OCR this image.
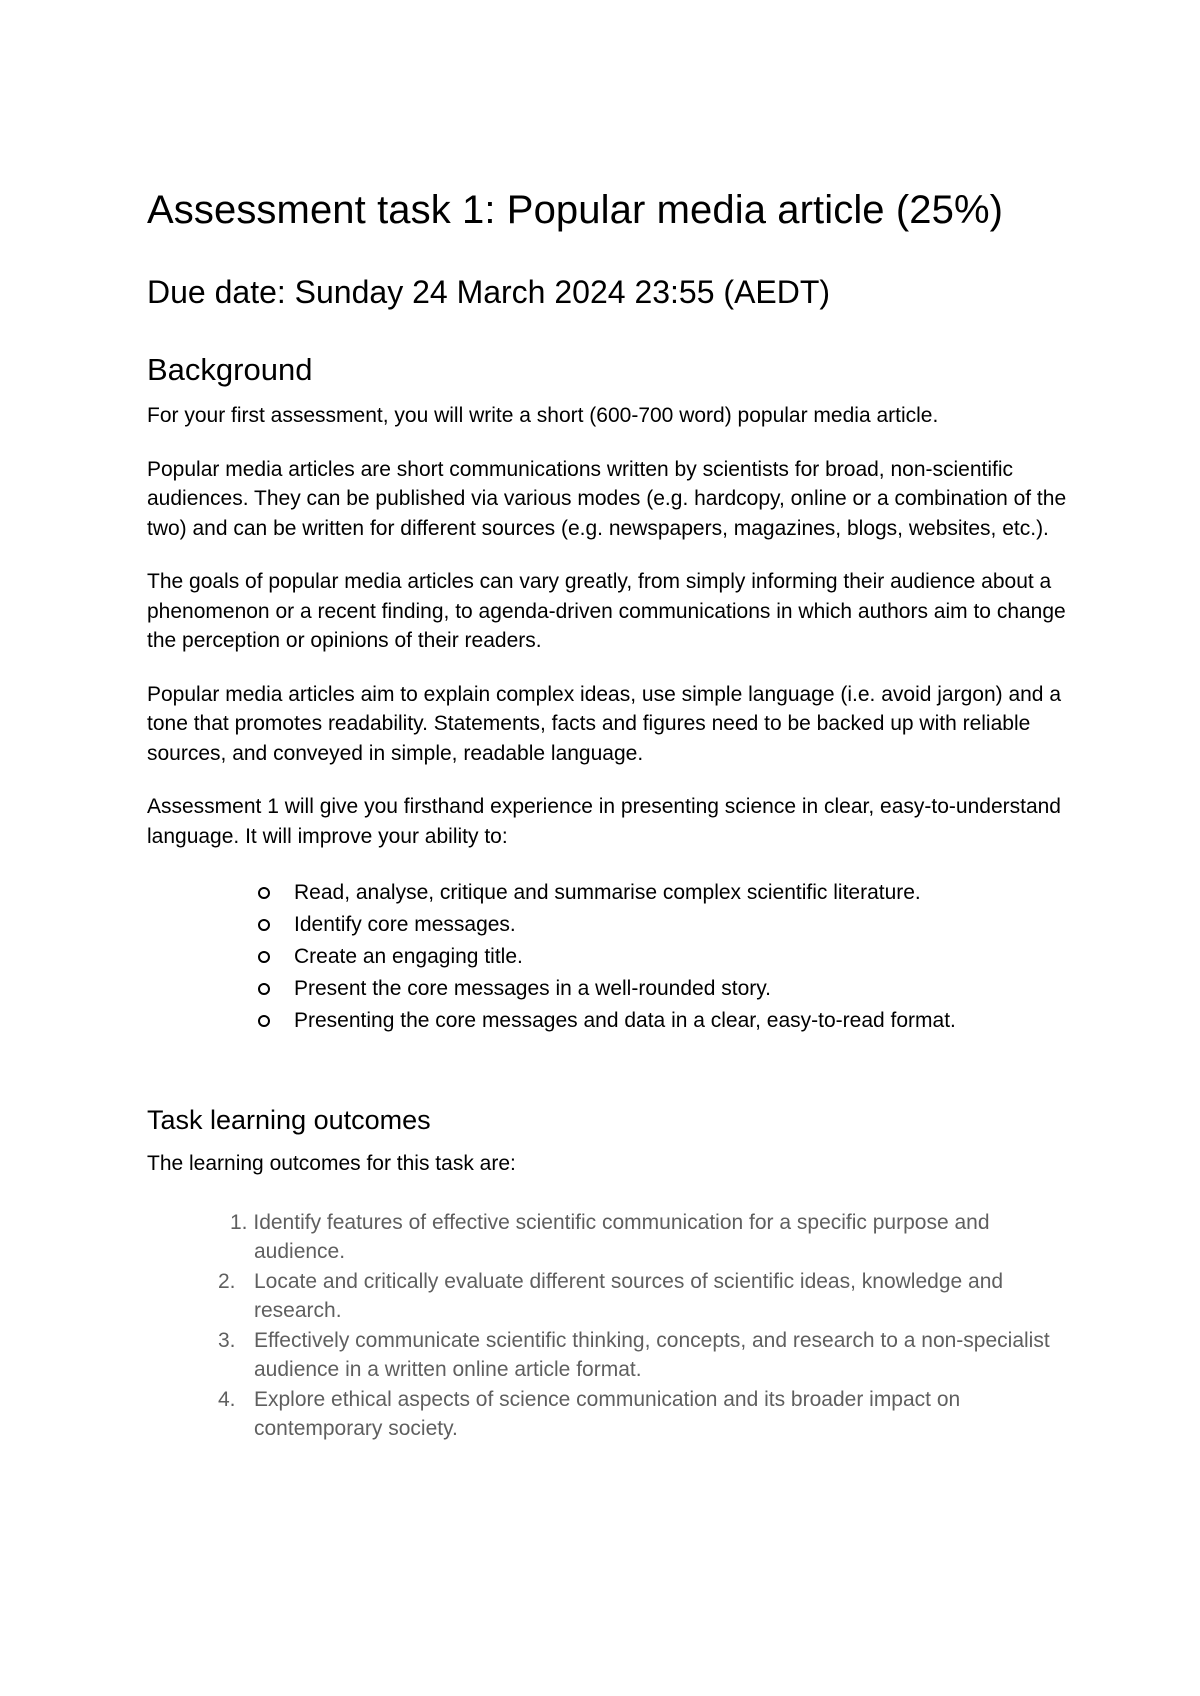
Assessment task 1: Popular media article (25%)
Due date: Sunday 24 March 2024 23:55 (AEDT)
Background

For your first assessment, you will write a short (600-700 word) popular media article.

Popular media articles are short communications written by scientists for broad, non-scientific audiences. They can be published via various modes (e.g. hardcopy, online or a combination of the two) and can be written for different sources (e.g. newspapers, magazines, blogs, websites, etc.).

The goals of popular media articles can vary greatly, from simply informing their audience about a phenomenon or a recent finding, to agenda-driven communications in which authors aim to change the perception or opinions of their readers.

Popular media articles aim to explain complex ideas, use simple language (i.e. avoid jargon) and a tone that promotes readability. Statements, facts and figures need to be backed up with reliable sources, and conveyed in simple, readable language.

Assessment 1 will give you firsthand experience in presenting science in clear, easy-to-understand language. It will improve your ability to:

Read, analyse, critique and summarise complex scientific literature.
Identify core messages.
Create an engaging title.
Present the core messages in a well-rounded story.
Presenting the core messages and data in a clear, easy-to-read format.
Task learning outcomes

The learning outcomes for this task are:

1. Identify features of effective scientific communication for a specific purpose and audience.
2. Locate and critically evaluate different sources of scientific ideas, knowledge and research.
3. Effectively communicate scientific thinking, concepts, and research to a non-specialist audience in a written online article format.
4. Explore ethical aspects of science communication and its broader impact on contemporary society.
